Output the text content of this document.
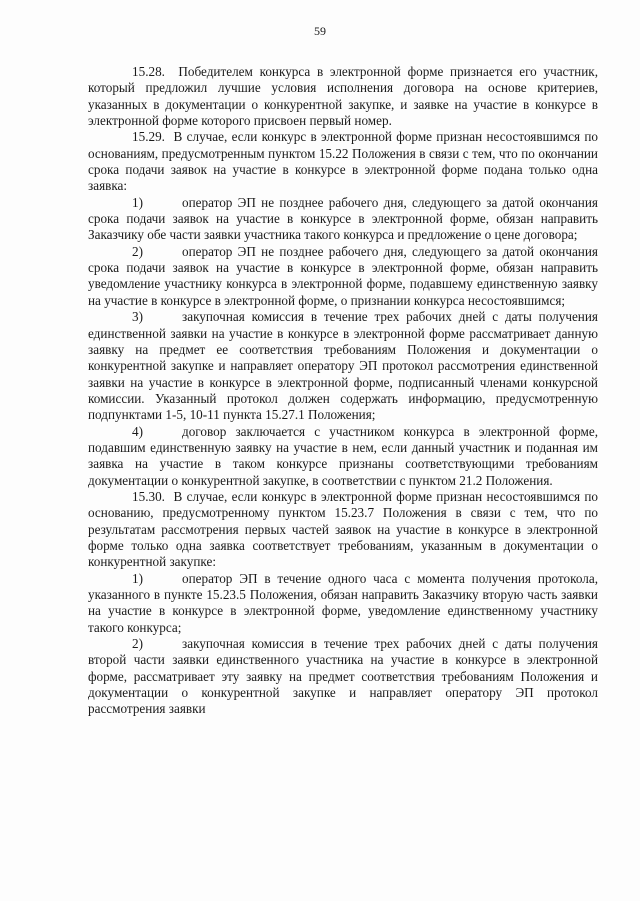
59

15.28.  Победителем конкурса в электронной форме признается его участник, который предложил лучшие условия исполнения договора на основе критериев, указанных в документации о конкурентной закупке, и заявке на участие в конкурсе в электронной форме которого присвоен первый номер.

15.29.  В случае, если конкурс в электронной форме признан несостоявшимся по основаниям, предусмотренным пунктом 15.22 Положения в связи с тем, что по окончании срока подачи заявок на участие в конкурсе в электронной форме подана только одна заявка:

1)	оператор ЭП не позднее рабочего дня, следующего за датой окончания срока подачи заявок на участие в конкурсе в электронной форме, обязан направить Заказчику обе части заявки участника такого конкурса и предложение о цене договора;

2)	оператор ЭП не позднее рабочего дня, следующего за датой окончания срока подачи заявок на участие в конкурсе в электронной форме, обязан направить уведомление участнику конкурса в электронной форме, подавшему единственную заявку на участие в конкурсе в электронной форме, о признании конкурса несостоявшимся;

3)	закупочная комиссия в течение трех рабочих дней с даты получения единственной заявки на участие в конкурсе в электронной форме рассматривает данную заявку на предмет ее соответствия требованиям Положения и документации о конкурентной закупке и направляет оператору ЭП протокол рассмотрения единственной заявки на участие в конкурсе в электронной форме, подписанный членами конкурсной комиссии. Указанный протокол должен содержать информацию, предусмотренную подпунктами 1-5, 10-11 пункта 15.27.1 Положения;

4)	договор заключается с участником конкурса в электронной форме, подавшим единственную заявку на участие в нем, если данный участник и поданная им заявка на участие в таком конкурсе признаны соответствующими требованиям документации о конкурентной закупке, в соответствии с пунктом 21.2 Положения.

15.30.  В случае, если конкурс в электронной форме признан несостоявшимся по основанию, предусмотренному пунктом 15.23.7 Положения в связи с тем, что по результатам рассмотрения первых частей заявок на участие в конкурсе в электронной форме только одна заявка соответствует требованиям, указанным в документации о конкурентной закупке:

1)	оператор ЭП в течение одного часа с момента получения протокола, указанного в пункте 15.23.5 Положения, обязан направить Заказчику вторую часть заявки на участие в конкурсе в электронной форме, уведомление единственному участнику такого конкурса;

2)	закупочная комиссия в течение трех рабочих дней с даты получения второй части заявки единственного участника на участие в конкурсе в электронной форме, рассматривает эту заявку на предмет соответствия требованиям Положения и документации о конкурентной закупке и направляет оператору ЭП протокол рассмотрения заявки
